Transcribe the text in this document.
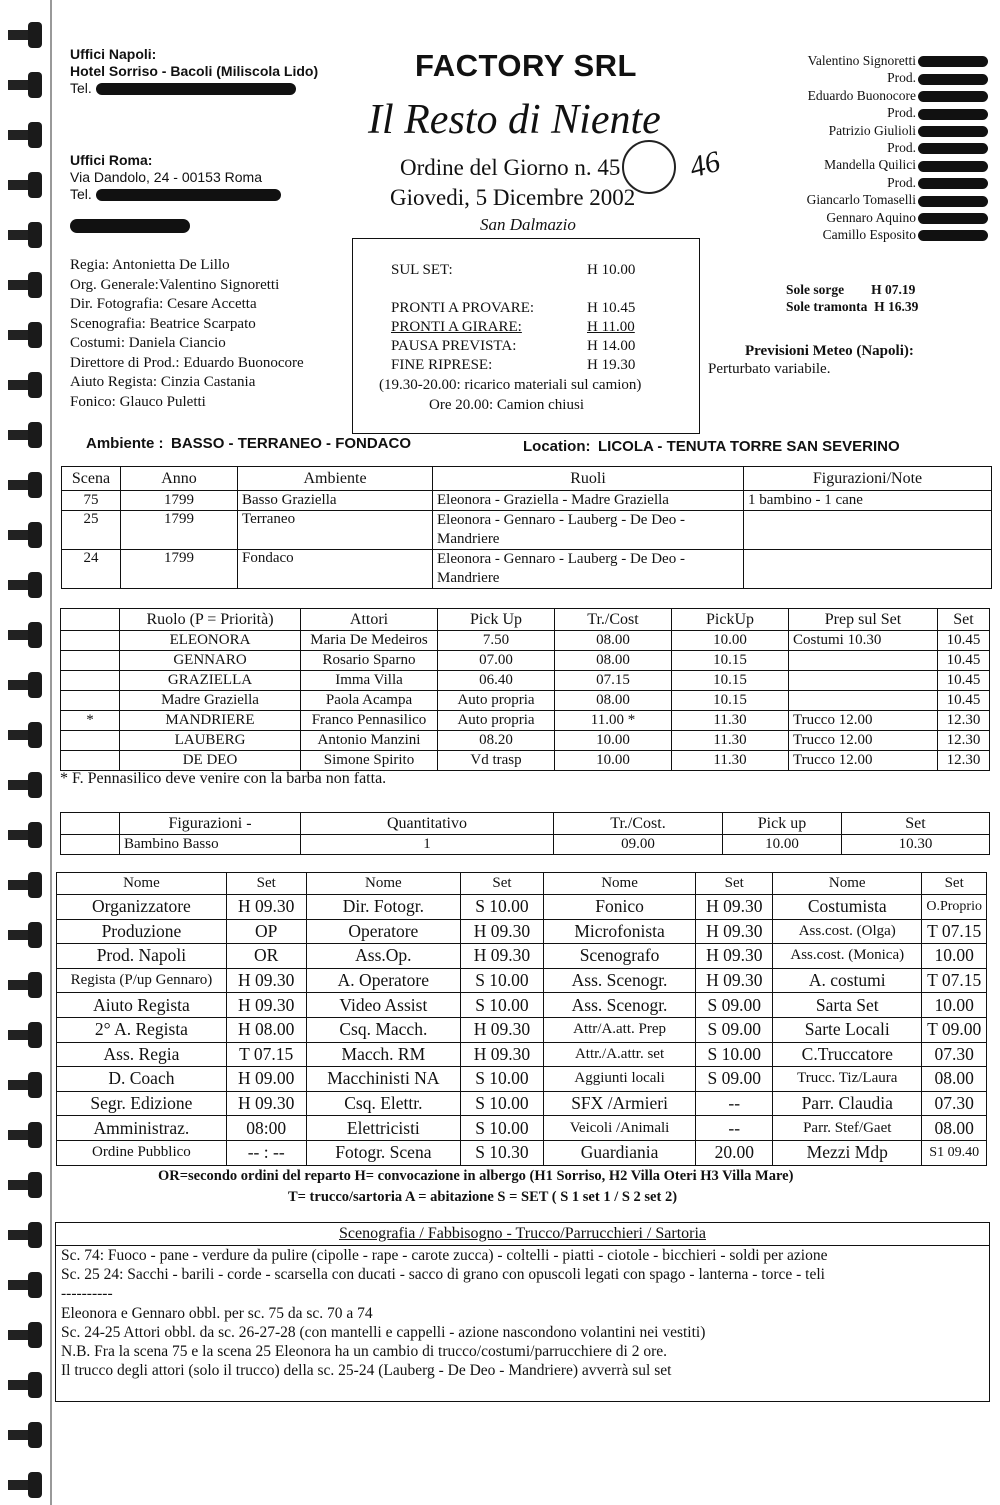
Uffici Napoli:
Hotel Sorriso - Bacoli (Miliscola Lido)
Tel.
Uffici Roma:
Via Dandolo, 24 - 00153 Roma
Tel.
Regia: Antonietta De Lillo
Org. Generale:Valentino Signoretti
Dir. Fotografia: Cesare Accetta
Scenografia: Beatrice Scarpato
Costumi: Daniela Ciancio
Direttore di Prod.: Eduardo Buonocore
Aiuto Regista: Cinzia Castania
Fonico: Glauco Puletti
FACTORY SRL
Il Resto di Niente
Ordine del Giorno n. 45 46
Giovedi, 5 Dicembre 2002
San Dalmazio
Valentino Signoretti
Prod.
Eduardo Buonocore
Prod.
Patrizio Giulioli
Prod.
Mandella Quilici
Prod.
Giancarlo Tomaselli
Gennaro Aquino
Camillo Esposito
SUL SET:	H 10.00

PRONTI A PROVARE:	H 10.45
PRONTI A GIRARE:	H 11.00
PAUSA PREVISTA:	H 14.00
FINE RIPRESE:	H 19.30
(19.30-20.00: ricarico materiali sul camion)
Ore 20.00: Camion chiusi
Sole sorge H 07.19
Sole tramonta H 16.39
Previsioni Meteo (Napoli):
Perturbato variabile.
Ambiente : BASSO - TERRANEO - FONDACO	Location: LICOLA - TENUTA TORRE SAN SEVERINO
Scena	Anno	Ambiente	Ruoli	Figurazioni/Note
75	1799	Basso Graziella	Eleonora - Graziella - Madre Graziella	1 bambino - 1 cane
25	1799	Terraneo	Eleonora - Gennaro - Lauberg - De Deo - Mandriere	
24	1799	Fondaco	Eleonora - Gennaro - Lauberg - De Deo - Mandriere	
	Ruolo (P = Priorità)	Attori	Pick Up	Tr./Cost	PickUp	Prep sul Set	Set
	ELEONORA	Maria De Medeiros	7.50	08.00	10.00	Costumi 10.30	10.45
	GENNARO	Rosario Sparno	07.00	08.00	10.15		10.45
	GRAZIELLA	Imma Villa	06.40	07.15	10.15		10.45
	Madre Graziella	Paola Acampa	Auto propria	08.00	10.15		10.45
*	MANDRIERE	Franco Pennasilico	Auto propria	11.00 *	11.30	Trucco 12.00	12.30
	LAUBERG	Antonio Manzini	08.20	10.00	11.30	Trucco 12.00	12.30
	DE DEO	Simone Spirito	Vd trasp	10.00	11.30	Trucco 12.00	12.30
* F. Pennasilico deve venire con la barba non fatta.
	Figurazioni -	Quantitativo	Tr./Cost.	Pick up	Set
	Bambino Basso	1	09.00	10.00	10.30
Nome	Set	Nome	Set	Nome	Set	Nome	Set
Organizzatore	H 09.30	Dir. Fotogr.	S 10.00	Fonico	H 09.30	Costumista	O.Proprio
Produzione	OP	Operatore	H 09.30	Microfonista	H 09.30	Ass.cost. (Olga)	T 07.15
Prod. Napoli	OR	Ass.Op.	H 09.30	Scenografo	H 09.30	Ass.cost. (Monica)	10.00
Regista (P/up Gennaro)	H 09.30	A. Operatore	S 10.00	Ass. Scenogr.	H 09.30	A. costumi	T 07.15
Aiuto Regista	H 09.30	Video Assist	S 10.00	Ass. Scenogr.	S 09.00	Sarta Set	10.00
2° A. Regista	H 08.00	Csq. Macch.	H 09.30	Attr/A.att. Prep	S 09.00	Sarte Locali	T 09.00
Ass. Regia	T 07.15	Macch. RM	H 09.30	Attr./A.attr. set	S 10.00	C.Truccatore	07.30
D. Coach	H 09.00	Macchinisti NA	S 10.00	Aggiunti locali	S 09.00	Trucc. Tiz/Laura	08.00
Segr. Edizione	H 09.30	Csq. Elettr.	S 10.00	SFX /Armieri	--	Parr. Claudia	07.30
Amministraz.	08:00	Elettricisti	S 10.00	Veicoli /Animali	--	Parr. Stef/Gaet	08.00
Ordine Pubblico	-- : --	Fotogr. Scena	S 10.30	Guardiania	20.00	Mezzi Mdp	S1 09.40
OR=secondo ordini del reparto H= convocazione in albergo (H1 Sorriso, H2 Villa Oteri H3 Villa Mare)
T= trucco/sartoria A = abitazione S = SET ( S 1 set 1 / S 2 set 2)
Scenografia / Fabbisogno - Trucco/Parrucchieri / Sartoria
Sc. 74: Fuoco - pane - verdure da pulire (cipolle - rape - carote zucca) - coltelli - piatti - ciotole - bicchieri - soldi per azione
Sc. 25 24: Sacchi - barili - corde - scarsella con ducati - sacco di grano con opuscoli legati con spago - lanterna - torce - teli
----------
Eleonora e Gennaro obbl. per sc. 75 da sc. 70 a 74
Sc. 24-25 Attori obbl. da sc. 26-27-28 (con mantelli e cappelli - azione nascondono volantini nei vestiti)
N.B. Fra la scena 75 e la scena 25 Eleonora ha un cambio di trucco/costumi/parrucchiere di 2 ore.
Il trucco degli attori (solo il trucco) della sc. 25-24 (Lauberg - De Deo - Mandriere) avverrà sul set
